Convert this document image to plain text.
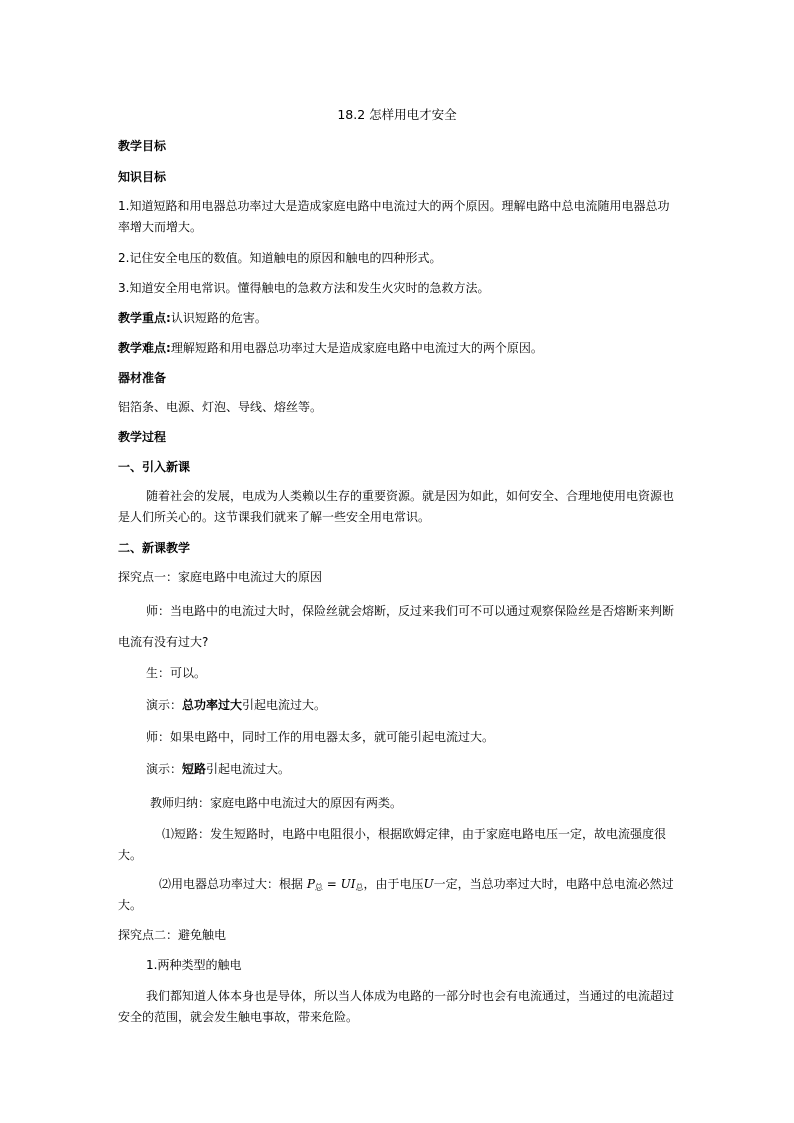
18.2 怎样用电才安全
教学目标
知识目标
1.知道短路和用电器总功率过大是造成家庭电路中电流过大的两个原因。理解电路中总电流随用电器总功
率增大而增大。
2.记住安全电压的数值。知道触电的原因和触电的四种形式。
3.知道安全用电常识。懂得触电的急救方法和发生火灾时的急救方法。
教学重点:认识短路的危害。
教学难点:理解短路和用电器总功率过大是造成家庭电路中电流过大的两个原因。
器材准备
铝箔条、电源、灯泡、导线、熔丝等。
教学过程
一、引入新课
随着社会的发展，电成为人类赖以生存的重要资源。就是因为如此，如何安全、合理地使用电资源也
是人们所关心的。这节课我们就来了解一些安全用电常识。
二、新课教学
探究点一：家庭电路中电流过大的原因
师：当电路中的电流过大时，保险丝就会熔断，反过来我们可不可以通过观察保险丝是否熔断来判断
电流有没有过大?
生：可以。
演示：总功率过大引起电流过大。
师：如果电路中，同时工作的用电器太多，就可能引起电流过大。
演示：短路引起电流过大。
教师归纳：家庭电路中电流过大的原因有两类。
⑴短路：发生短路时，电路中电阻很小，根据欧姆定律，由于家庭电路电压一定，故电流强度很
大。
⑵用电器总功率过大：根据 $P_总 = UI_总$，由于电压U一定，当总功率过大时，电路中总电流必然过
大。
探究点二：避免触电
1.两种类型的触电
我们都知道人体本身也是导体，所以当人体成为电路的一部分时也会有电流通过，当通过的电流超过
安全的范围，就会发生触电事故，带来危险。
